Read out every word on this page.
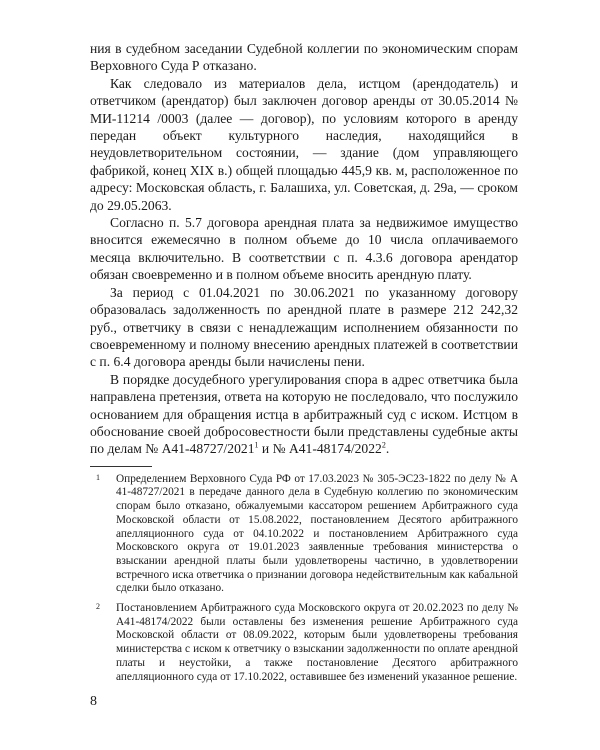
ния в судебном заседании Судебной коллегии по экономическим спорам Верховного Суда Р отказано.

Как следовало из материалов дела, истцом (арендодатель) и ответчиком (арендатор) был заключен договор аренды от 30.05.2014 № МИ-11214 /0003 (далее — договор), по условиям которого в аренду передан объект культурного наследия, находящийся в неудовлетворительном состоянии, — здание (дом управляющего фабрикой, конец XIX в.) общей площадью 445,9 кв. м, расположенное по адресу: Московская область, г. Балашиха, ул. Советская, д. 29а, — сроком до 29.05.2063.

Согласно п. 5.7 договора арендная плата за недвижимое имущество вносится ежемесячно в полном объеме до 10 числа оплачиваемого месяца включительно. В соответствии с п. 4.3.6 договора арендатор обязан своевременно и в полном объеме вносить арендную плату.

За период с 01.04.2021 по 30.06.2021 по указанному договору образовалась задолженность по арендной плате в размере 212 242,32 руб., ответчику в связи с ненадлежащим исполнением обязанности по своевременному и полному внесению арендных платежей в соответствии с п. 6.4 договора аренды были начислены пени.

В порядке досудебного урегулирования спора в адрес ответчика была направлена претензия, ответа на которую не последовало, что послужило основанием для обращения истца в арбитражный суд с иском. Истцом в обоснование своей добросовестности были представлены судебные акты по делам № А41-48727/2021$^1$ и № А41-48174/2022$^2$.

1 Определением Верховного Суда РФ от 17.03.2023 № 305-ЭС23-1822 по делу № А 41-48727/2021 в передаче данного дела в Судебную коллегию по экономическим спорам было отказано, обжалуемыми кассатором решением Арбитражного суда Московской области от 15.08.2022, постановлением Десятого арбитражного апелляционного суда от 04.10.2022 и постановлением Арбитражного суда Московского округа от 19.01.2023 заявленные требования министерства о взыскании арендной платы были удовлетворены частично, в удовлетворении встречного иска ответчика о признании договора недействительным как кабальной сделки было отказано.
2 Постановлением Арбитражного суда Московского округа от 20.02.2023 по делу № А41-48174/2022 были оставлены без изменения решение Арбитражного суда Московской области от 08.09.2022, которым были удовлетворены требования министерства с иском к ответчику о взыскании задолженности по оплате арендной платы и неустойки, а также постановление Десятого арбитражного апелляционного суда от 17.10.2022, оставившее без изменений указанное решение.
8
